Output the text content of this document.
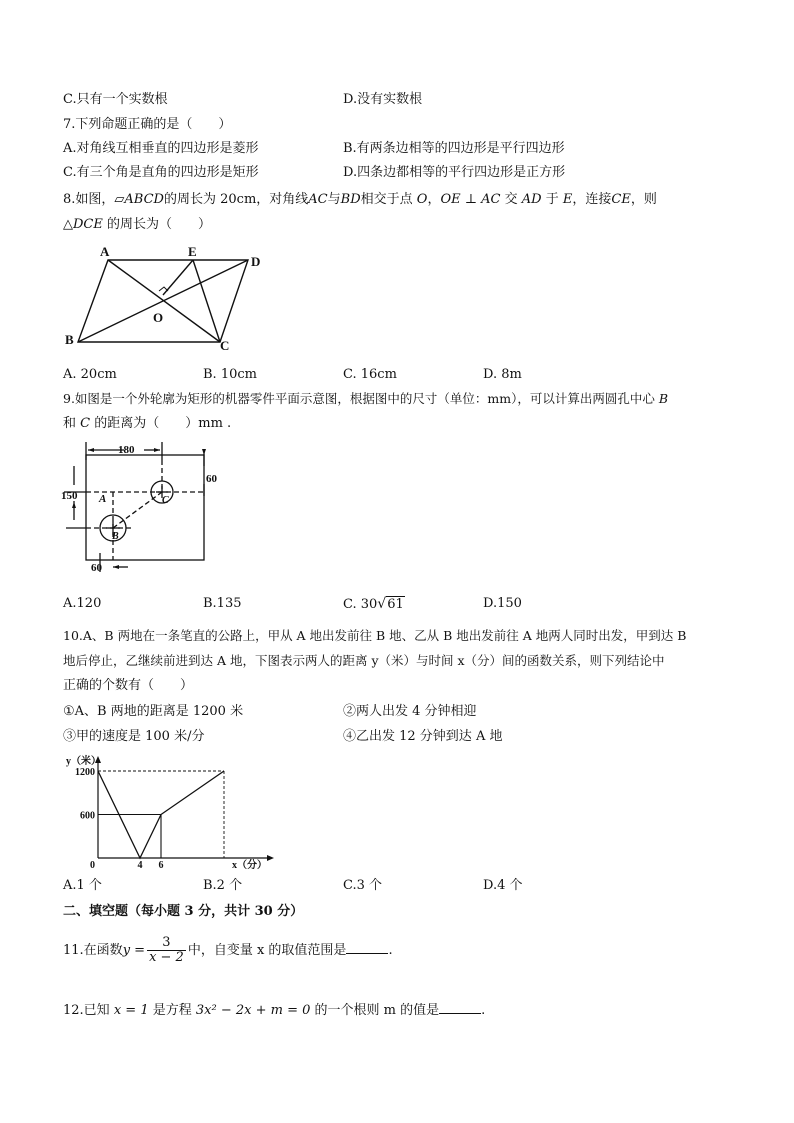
C.只有一个实数根	D.没有实数根
7.下列命题正确的是（　　）
A.对角线互相垂直的四边形是菱形	B.有两条边相等的四边形是平行四边形
C.有三个角是直角的四边形是矩形	D.四条边都相等的平行四边形是正方形
8.如图，▱ABCD的周长为 20cm，对角线AC与BD相交于点 O，OE ⊥ AC 交 AD 于 E，连接CE，则
△DCE 的周长为（　　）
A	E
D
B
O
C
A. 20cm	B. 10cm	C. 16cm	D. 8m
9.如图是一个外轮廓为矩形的机器零件平面示意图，根据图中的尺寸（单位：mm），可以计算出两圆孔中心 B
和 C 的距离为（　　）mm .
180
60
150
60
A
B
C
A.120	B.135	C. 30√61	D.150
10.A、B 两地在一条笔直的公路上，甲从 A 地出发前往 B 地、乙从 B 地出发前往 A 地两人同时出发，甲到达 B
地后停止，乙继续前进到达 A 地，下图表示两人的距离 y（米）与时间 x（分）间的函数关系，则下列结论中
正确的个数有（　　）
①A、B 两地的距离是 1200 米	②两人出发 4 分钟相迎
③甲的速度是 100 米/分	④乙出发 12 分钟到达 A 地
1200
600
4 6
y（米）
x（分）
0
A.1 个	B.2 个	C.3 个	D.4 个
二、填空题（每小题 3 分，共计 30 分）
11.在函数$y = \frac{3}{x - 2}$ 中，自变量 x 的取值范围是	.
12.已知 x = 1 是方程 3x² − 2x + m = 0 的一个根则 m 的值是	.
